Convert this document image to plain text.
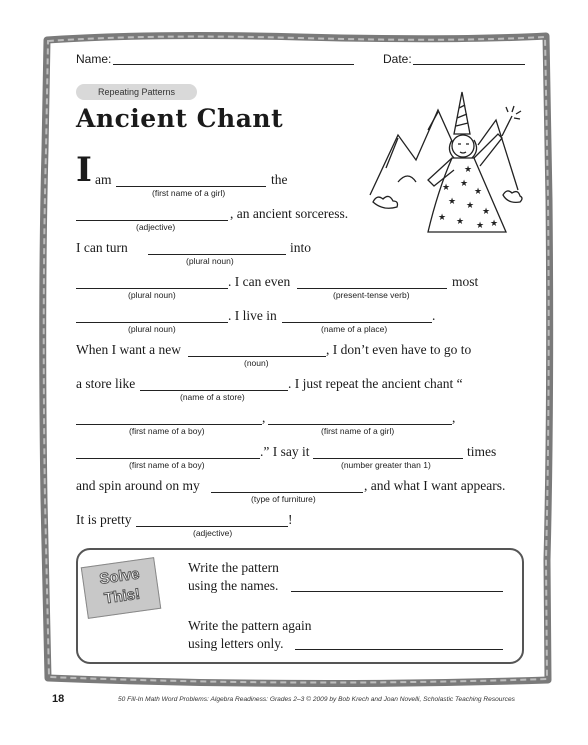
Name:	Date:
Repeating Patterns
Ancient Chant
★ ★
★
★ ★
★
★ ★ ★ ★
★
I am	the
(first name of a girl)
, an ancient sorceress.
(adjective)
I can turn	into
(plural noun)
. I can even	most
(plural noun)	(present-tense verb)
. I live in	.
(plural noun)	(name of a place)
When I want a new	, I don’t even have to go to
(noun)
a store like	. I just repeat the ancient chant “
(name of a store)
,	,
(first name of a boy)	(first name of a girl)
.” I say it	times
(first name of a boy)	(number greater than 1)
and spin around on my	, and what I want appears.
(type of furniture)
It is pretty	!
(adjective)
Solve
This!
Write the pattern
using the names.
Write the pattern again
using letters only.
18	50 Fill-In Math Word Problems: Algebra Readiness: Grades 2–3 © 2009 by Bob Krech and Joan Novelli, Scholastic Teaching Resources
